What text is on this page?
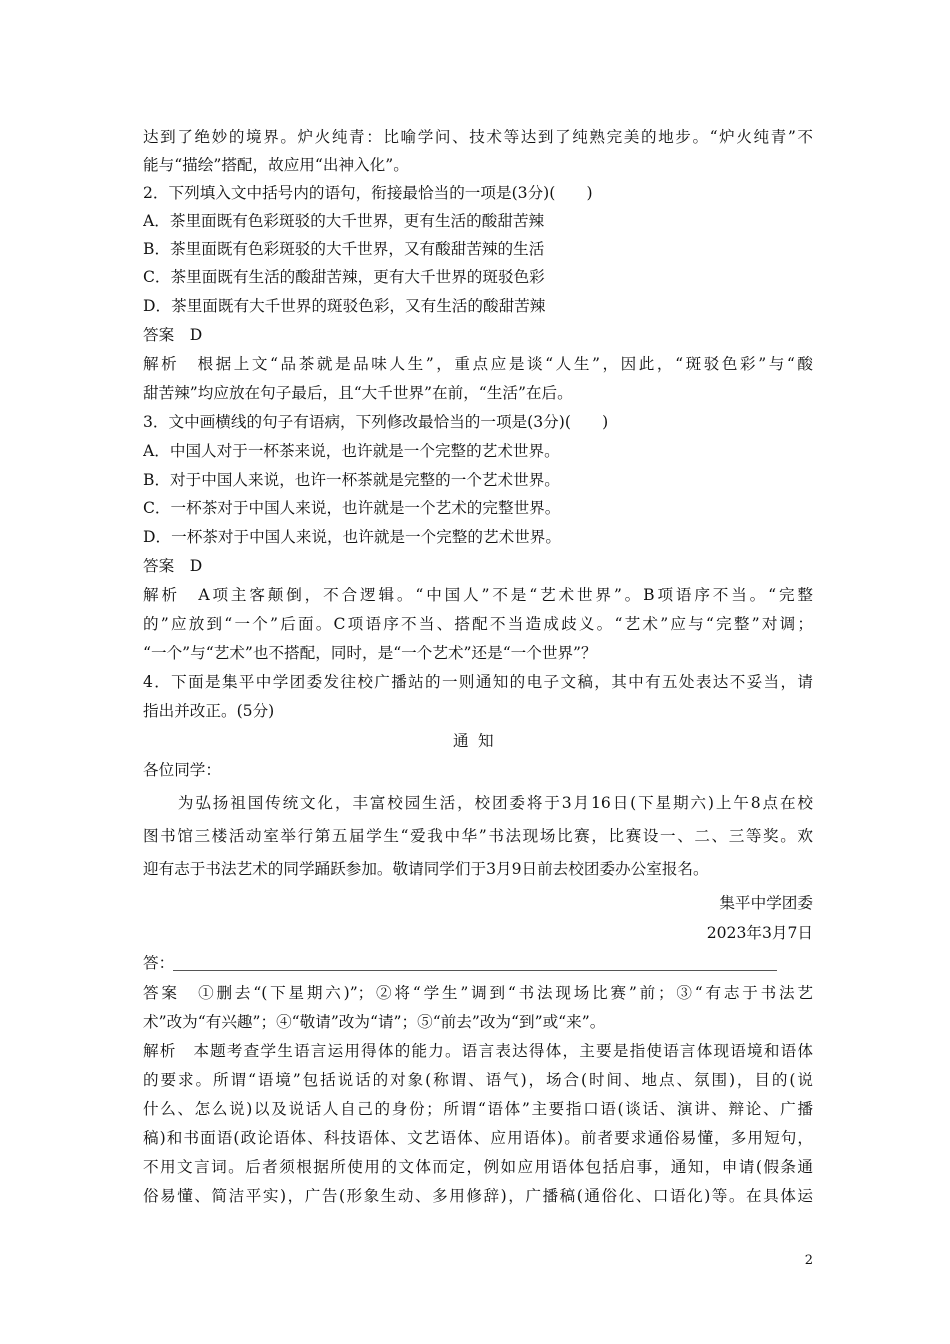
达到了绝妙的境界。炉火纯青：比喻学问、技术等达到了纯熟完美的地步。“炉火纯青”不
能与“描绘”搭配，故应用“出神入化”。
2．下列填入文中括号内的语句，衔接最恰当的一项是(3分)(　　)
A．茶里面既有色彩斑驳的大千世界，更有生活的酸甜苦辣
B．茶里面既有色彩斑驳的大千世界，又有酸甜苦辣的生活
C．茶里面既有生活的酸甜苦辣，更有大千世界的斑驳色彩
D．茶里面既有大千世界的斑驳色彩，又有生活的酸甜苦辣
答案　D
解析　根据上文“品茶就是品味人生”，重点应是谈“人生”，因此，“斑驳色彩”与“酸
甜苦辣”均应放在句子最后，且“大千世界”在前，“生活”在后。
3．文中画横线的句子有语病，下列修改最恰当的一项是(3分)(　　)
A．中国人对于一杯茶来说，也许就是一个完整的艺术世界。
B．对于中国人来说，也许一杯茶就是完整的一个艺术世界。
C．一杯茶对于中国人来说，也许就是一个艺术的完整世界。
D．一杯茶对于中国人来说，也许就是一个完整的艺术世界。
答案　D
解析　A项主客颠倒，不合逻辑。“中国人”不是“艺术世界”。B项语序不当。“完整
的”应放到“一个”后面。C项语序不当、搭配不当造成歧义。“艺术”应与“完整”对调；
“一个”与“艺术”也不搭配，同时，是“一个艺术”还是“一个世界”？
4．下面是集平中学团委发往校广播站的一则通知的电子文稿，其中有五处表达不妥当，请
指出并改正。(5分)
通知
各位同学：
　　为弘扬祖国传统文化，丰富校园生活，校团委将于3月16日(下星期六)上午8点在校
图书馆三楼活动室举行第五届学生“爱我中华”书法现场比赛，比赛设一、二、三等奖。欢
迎有志于书法艺术的同学踊跃参加。敬请同学们于3月9日前去校团委办公室报名。
集平中学团委
2023年3月7日
答：
答案　①删去“(下星期六)”；②将“学生”调到“书法现场比赛”前；③“有志于书法艺
术”改为“有兴趣”；④“敬请”改为“请”；⑤“前去”改为“到”或“来”。
解析　本题考查学生语言运用得体的能力。语言表达得体，主要是指使语言体现语境和语体
的要求。所谓“语境”包括说话的对象(称谓、语气)，场合(时间、地点、氛围)，目的(说
什么、怎么说)以及说话人自己的身份；所谓“语体”主要指口语(谈话、演讲、辩论、广播
稿)和书面语(政论语体、科技语体、文艺语体、应用语体)。前者要求通俗易懂，多用短句，
不用文言词。后者须根据所使用的文体而定，例如应用语体包括启事，通知，申请(假条通
俗易懂、简洁平实)，广告(形象生动、多用修辞)，广播稿(通俗化、口语化)等。在具体运
2
